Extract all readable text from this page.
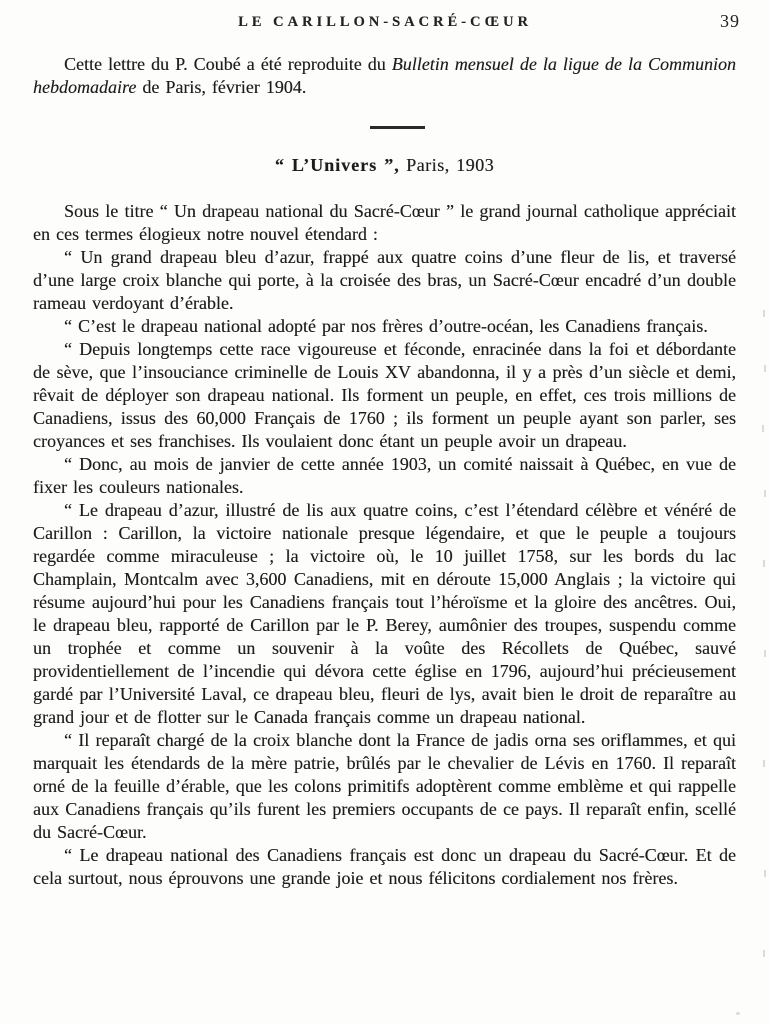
LE CARILLON-SACRÉ-CŒUR	39

Cette lettre du P. Coubé a été reproduite du Bulletin mensuel de la ligue de la Communion hebdomadaire de Paris, février 1904.

“ L’Univers ”, Paris, 1903

Sous le titre “ Un drapeau national du Sacré-Cœur ” le grand journal catholique appréciait en ces termes élogieux notre nouvel étendard :

“ Un grand drapeau bleu d’azur, frappé aux quatre coins d’une fleur de lis, et traversé d’une large croix blanche qui porte, à la croisée des bras, un Sacré-Cœur encadré d’un double rameau verdoyant d’érable.

“ C’est le drapeau national adopté par nos frères d’outre-océan, les Canadiens français.

“ Depuis longtemps cette race vigoureuse et féconde, enracinée dans la foi et débordante de sève, que l’insouciance criminelle de Louis XV abandonna, il y a près d’un siècle et demi, rêvait de déployer son drapeau national. Ils forment un peuple, en effet, ces trois millions de Canadiens, issus des 60,000 Français de 1760 ; ils forment un peuple ayant son parler, ses croyances et ses franchises. Ils voulaient donc étant un peuple avoir un drapeau.

“ Donc, au mois de janvier de cette année 1903, un comité naissait à Québec, en vue de fixer les couleurs nationales.

“ Le drapeau d’azur, illustré de lis aux quatre coins, c’est l’étendard célèbre et vénéré de Carillon : Carillon, la victoire nationale presque légendaire, et que le peuple a toujours regardée comme miraculeuse ; la victoire où, le 10 juillet 1758, sur les bords du lac Champlain, Montcalm avec 3,600 Canadiens, mit en déroute 15,000 Anglais ; la victoire qui résume aujourd’hui pour les Canadiens français tout l’héroïsme et la gloire des ancêtres. Oui, le drapeau bleu, rapporté de Carillon par le P. Berey, aumônier des troupes, suspendu comme un trophée et comme un souvenir à la voûte des Récollets de Québec, sauvé providentiellement de l’incendie qui dévora cette église en 1796, aujourd’hui précieusement gardé par l’Université Laval, ce drapeau bleu, fleuri de lys, avait bien le droit de reparaître au grand jour et de flotter sur le Canada français comme un drapeau national.

“ Il reparaît chargé de la croix blanche dont la France de jadis orna ses oriflammes, et qui marquait les étendards de la mère patrie, brûlés par le chevalier de Lévis en 1760. Il reparaît orné de la feuille d’érable, que les colons primitifs adoptèrent comme emblème et qui rappelle aux Canadiens français qu’ils furent les premiers occupants de ce pays. Il reparaît enfin, scellé du Sacré-Cœur.

“ Le drapeau national des Canadiens français est donc un drapeau du Sacré-Cœur. Et de cela surtout, nous éprouvons une grande joie et nous félicitons cordialement nos frères.
